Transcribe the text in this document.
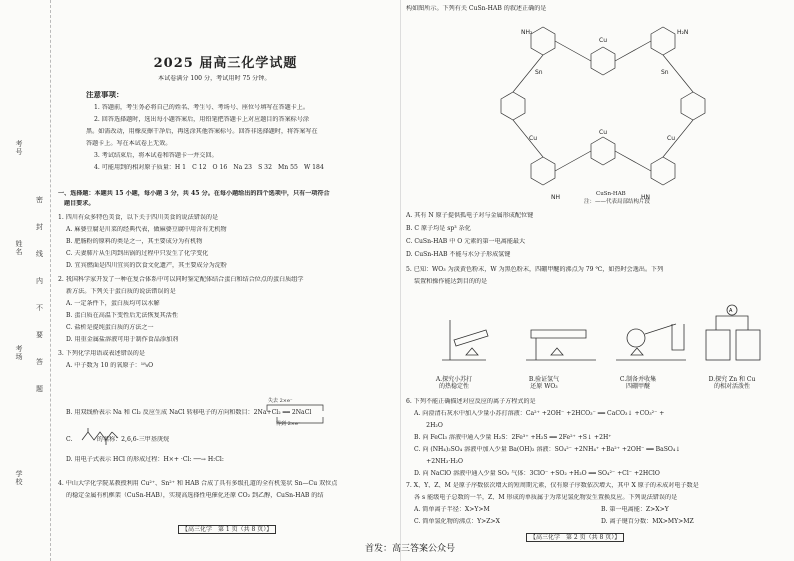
考号
姓名
考场
学校
密
封
线
内
不
要
答
题
2025 届高三化学试题
本试卷满分 100 分，考试用时 75 分钟。
注意事项：
1. 答题前，考生务必将自己的姓名、考生号、考场号、座位号填写在答题卡上。
2. 回答选择题时，选出每小题答案后，用铅笔把答题卡上对应题目的答案标号涂
黑。如需改动，用橡皮擦干净后，再选涂其他答案标号。回答非选择题时，将答案写在
答题卡上。写在本试卷上无效。
3. 考试结束后，将本试卷和答题卡一并交回。
4. 可能用到的相对原子质量：H 1　C 12　O 16　Na 23　S 32　Mn 55　W 184
一、选择题：本题共 15 小题，每小题 3 分，共 45 分。在每小题给出的四个选项中，只有一项符合
题目要求。
1. 四川有众多特色美食，以下关于四川美食的说法错误的是
A. 麻婆豆腐是川菜的经典代表，做麻婆豆腐中用含有无机物
B. 肥肠粉的原料的类是之一，其主要成分为有机物
C. 夫妻肺片从生肉到出锅的过程中只发生了化学变化
D. 宜宾燃面是四川宜宾的饮食文化遗产，其主要成分为淀粉
2. 我国科学家开发了一种在复合体系中可以同时鉴定配体结合蛋白和结合位点的蛋白质组学
新方法。下列关于蛋白质的说法错误的是
A. 一定条件下，蛋白质均可以水解
B. 蛋白质在高温下变性后无法恢复其活性
C. 盐析是提纯蛋白质的方法之一
D. 用重金属盐溶液可用于制作食品添加剂
3. 下列化学用语或表述错误的是
A. 中子数为 10 的氧原子：¹⁸₈O
失去 2×e⁻
B. 用双线桥表示 Na 和 Cl₂ 反应生成 NaCl 转移电子的方向和数目：2Na+Cl₂ ══ 2NaCl
得到 2×e⁻
C.　　　　的名称：2,6,6-三甲基庚烷
D. 用电子式表示 HCl 的形成过程：H×+ ·Cl: ──→ H:Cl:
4. 中山大学化学院某教授利用 Cu²⁺、Sn²⁺ 和 HAB 合成了具有多级孔道的全有机笼状 Sn—Cu 双位点
的稳定金属有机框架（CuSn-HAB），实现高选择性电催化还原 CO₂ 到乙醇，CuSn-HAB 的结
【高三化学　第 1 页（共 8 页）】
构如图所示。下列有关 CuSn-HAB 的叙述正确的是
Cu
Sn	Sn
Cu
Cu	Cu
NH₂	H₂N
NH	HN
CuSn-HAB
注：——代表局部结构片段
A. 其有 N 原子提供孤电子对与金属形成配位键
B. C 原子均是 sp³ 杂化
C. CuSn-HAB 中 O 元素的第一电离能最大
D. CuSn-HAB 不能与水分子形成氢键
5. 已知：WO₃ 为淡黄色粉末，W 为黑色粉末，四硼甲醚的沸点为 79 ℃，如热时会逸出。下列
装置和操作能达到目的的是
A
A.探究小苏打
的热稳定性
B.验证氢气
还原 WO₃
C.制备并收集
四硼甲醚
D.探究 Zn 和 Cu
的相对活泼性
6. 下列不能正确描述对应反应的离子方程式的是
A. 向澄清石灰水中加入少量小苏打溶液：Ca²⁺ +2OH⁻ +2HCO₃⁻ ══ CaCO₃↓ +CO₃²⁻ +
　　2H₂O
B. 向 FeCl₃ 溶液中通入少量 H₂S：2Fe³⁺ +H₂S ══ 2Fe²⁺ +S↓ +2H⁺
C. 向 (NH₄)₂SO₄ 溶液中加入少量 Ba(OH)₂ 溶液：SO₄²⁻ +2NH₄⁺ +Ba²⁺ +2OH⁻ ══ BaSO₄↓
　　+2NH₃·H₂O
D. 向 NaClO 溶液中通入少量 SO₂ 气体：3ClO⁻ +SO₂ +H₂O ══ SO₄²⁻ +Cl⁻ +2HClO
7. X、Y、Z、M 是原子序数依次增大的短周期元素，仅有原子序数依次增大，其中 X 原子的未成对电子数是
各 s 能级电子总数的一半，Z、M 形成的单质属于为常见氢化物发生置换反应。下列说法错误的是
A. 简单离子半径：X>Y>M	B. 第一电离能：Z>X>Y
C. 简单氢化物的沸点：Y>Z>X	D. 离子键百分数：MX>MY>MZ
【高三化学　第 2 页（共 8 页）】
首发：高三答案公众号
